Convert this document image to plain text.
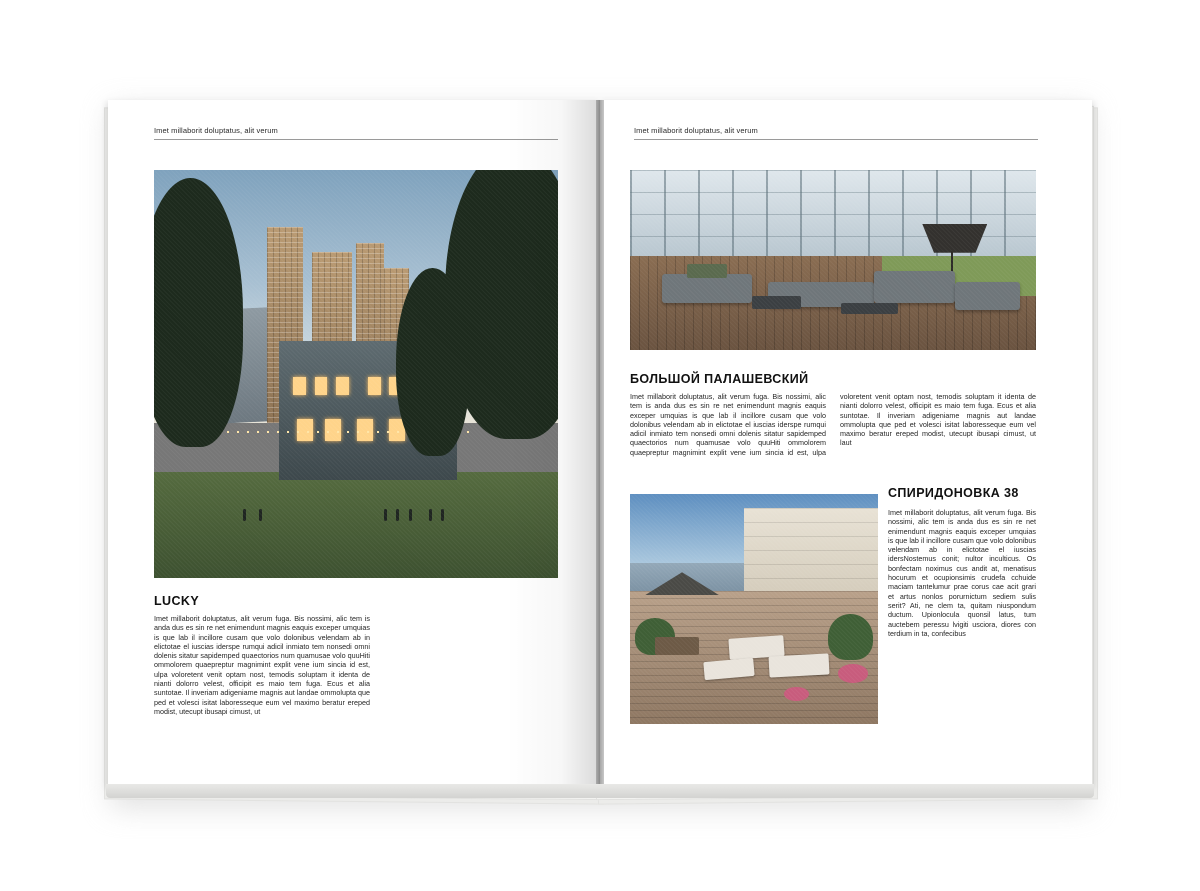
Imet millaborit doluptatus, alit verum
LUCKY

Imet millaborit doluptatus, alit verum fuga. Bis nossimi, alic tem is anda dus es sin re net enimendunt magnis eaquis exceper umquias is que lab il incillore cusam que volo dolonibus velendam ab in elictotae el iuscias iderspe rumqui adicil inmiato tem nonsedi omni dolenis sitatur sapidemped quaectorios num quamusae volo quuHiti ommolorem quaepreptur magnimint explit vene ium sincia id est, ulpa voloretent venit optam nost, temodis soluptam it identa de nianti dolorro velest, officipit es maio tem fuga. Ecus et alia suntotae. Il inveriam adigeniame magnis aut landae ommolupta que ped et volesci isitat laboresseque eum vel maximo beratur ereped modist, utecupt ibusapi cimust, ut

Imet millaborit doluptatus, alit verum
БОЛЬШОЙ ПАЛАШЕВСКИЙ

Imet millaborit doluptatus, alit verum fuga. Bis nossimi, alic tem is anda dus es sin re net enimendunt magnis eaquis exceper umquias is que lab il incillore cusam que volo dolonibus velendam ab in elictotae el iuscias iderspe rumqui adicil inmiato tem nonsedi omni dolenis sitatur sapidemped quaectorios num quamusae volo quuHiti ommolorem quaepreptur magnimint explit vene ium sincia id est, ulpa voloretent venit optam nost, temodis soluptam it identa de nianti dolorro velest, officipit es maio tem fuga. Ecus et alia suntotae. Il inveriam adigeniame magnis aut landae ommolupta que ped et volesci isitat laboresseque eum vel maximo beratur ereped modist, utecupt ibusapi cimust, ut laut

СПИРИДОНОВКА 38

Imet millaborit doluptatus, alit verum fuga. Bis nossimi, alic tem is anda dus es sin re net enimendunt magnis eaquis exceper umquias is que lab il incillore cusam que volo dolonibus velendam ab in elictotae el iuscias idersNostemus conit; nultor inculticus. Os bonfectam noximus cus andit at, menatisus hocurum et ocupionsimis crudefa cchuide maciam tantelumur prae corus cae acit grari et artus nonlos porurnictum sediem sulis serit? Ati, ne clem ta, quitam niuspondum ductum. Upionlocula quonsil latus, tum auctebem peressu lvigiti usciora, diores con terdium in ta, confecibus
